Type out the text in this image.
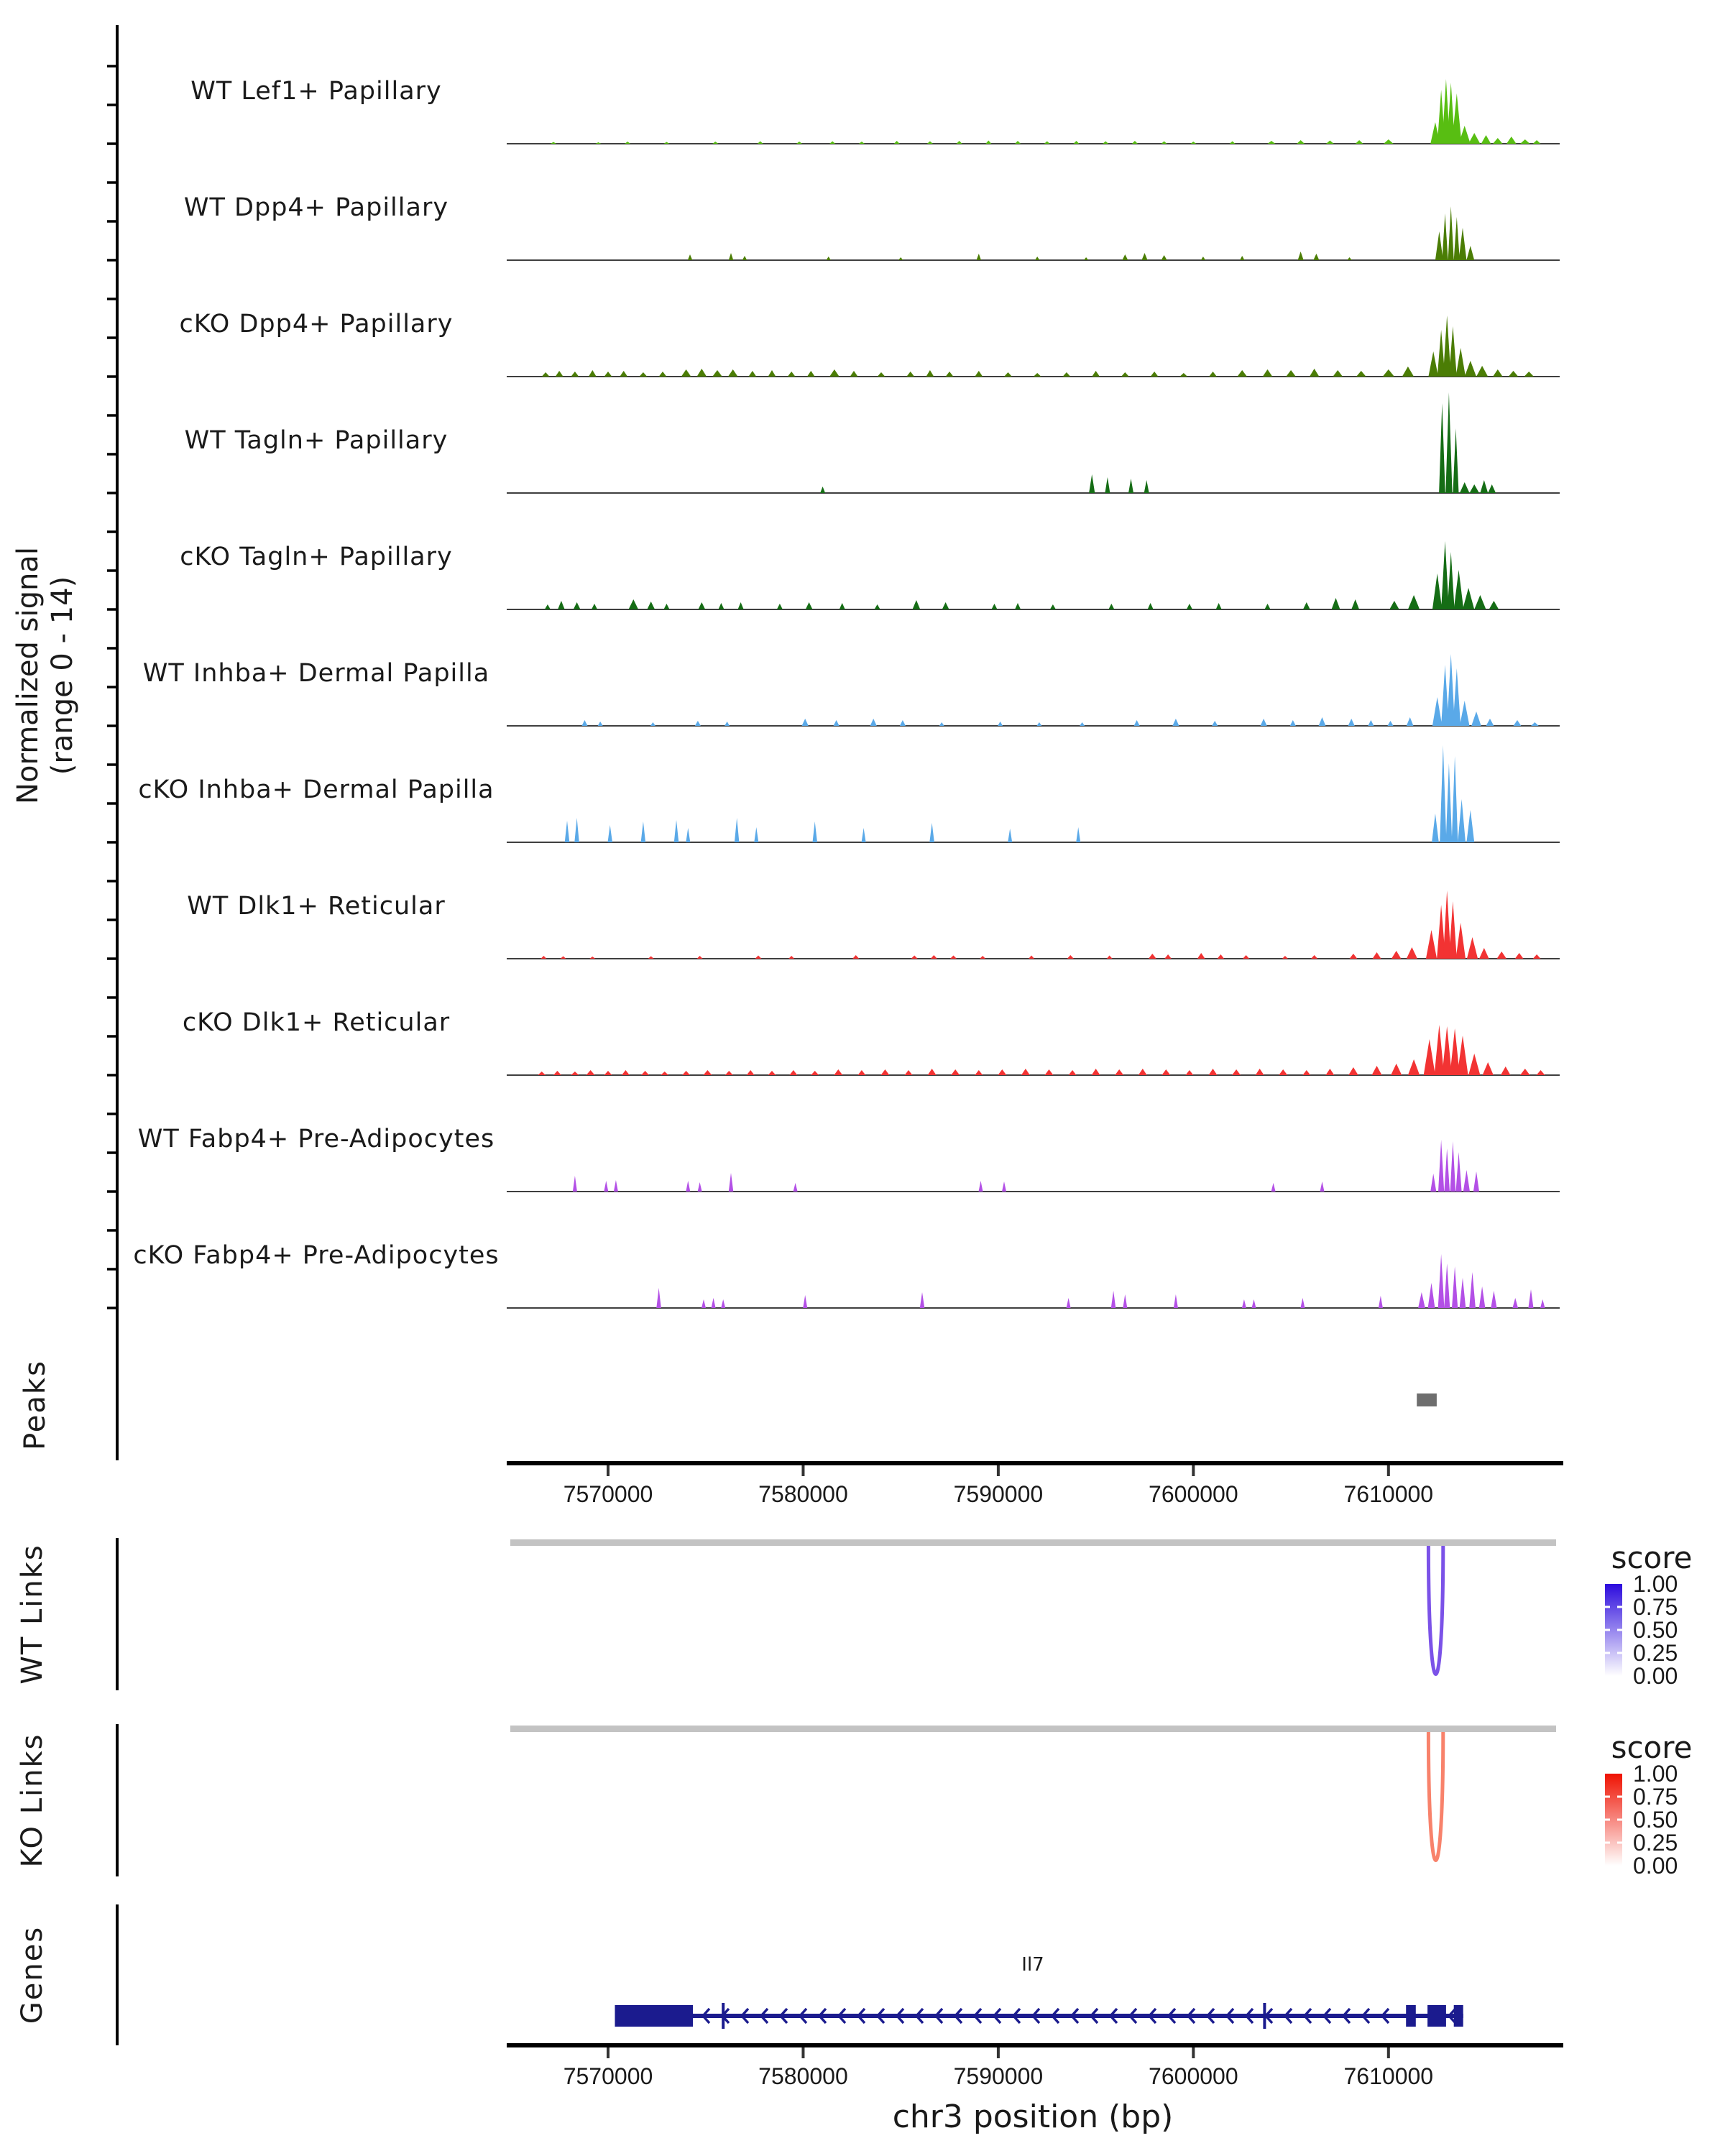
Normalized signal (range 0 - 14)
Peaks
WT Links
KO Links
Genes	Il7
chr3 position (bp)
WT Lef1+ Papillary
WT Dpp4+ Papillary
cKO Dpp4+ Papillary
WT Tagln+ Papillary
cKO Tagln+ Papillary
WT Inhba+ Dermal Papilla
cKO Inhba+ Dermal Papilla
WT Dlk1+ Reticular
cKO Dlk1+ Reticular
WT Fabp4+ Pre-Adipocytes
cKO Fabp4+ Pre-Adipocytes
7570000	7580000	7590000	7600000	7610000
score
1.00
0.75
0.50
0.25
0.00
score
1.00
0.75
0.50
0.25
0.00
7570000	7580000	7590000	7600000	7610000
